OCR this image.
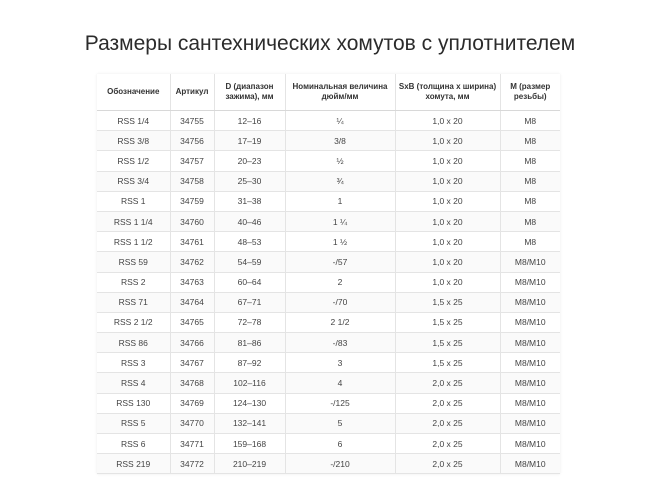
Размеры сантехнических хомутов с уплотнителем
Обозначение	Артикул	D (диапазон зажима), мм	Номинальная величина дюйм/мм	SxB (толщина х ширина) хомута, мм	M (размер резьбы)
RSS 1/4	34755	12–16	¼	1,0 х 20	M8
RSS 3/8	34756	17–19	3/8	1,0 х 20	M8
RSS 1/2	34757	20–23	½	1,0 х 20	M8
RSS 3/4	34758	25–30	¾	1,0 х 20	M8
RSS 1	34759	31–38	1	1,0 х 20	M8
RSS 1 1/4	34760	40–46	1 ¼	1,0 х 20	M8
RSS 1 1/2	34761	48–53	1 ½	1,0 х 20	M8
RSS 59	34762	54–59	-/57	1,0 х 20	M8/M10
RSS 2	34763	60–64	2	1,0 х 20	M8/M10
RSS 71	34764	67–71	-/70	1,5 х 25	M8/M10
RSS 2 1/2	34765	72–78	2 1/2	1,5 х 25	M8/M10
RSS 86	34766	81–86	-/83	1,5 х 25	M8/M10
RSS 3	34767	87–92	3	1,5 х 25	M8/M10
RSS 4	34768	102–116	4	2,0 х 25	M8/M10
RSS 130	34769	124–130	-/125	2,0 х 25	M8/M10
RSS 5	34770	132–141	5	2,0 х 25	M8/M10
RSS 6	34771	159–168	6	2,0 х 25	M8/M10
RSS 219	34772	210–219	-/210	2,0 х 25	M8/M10
